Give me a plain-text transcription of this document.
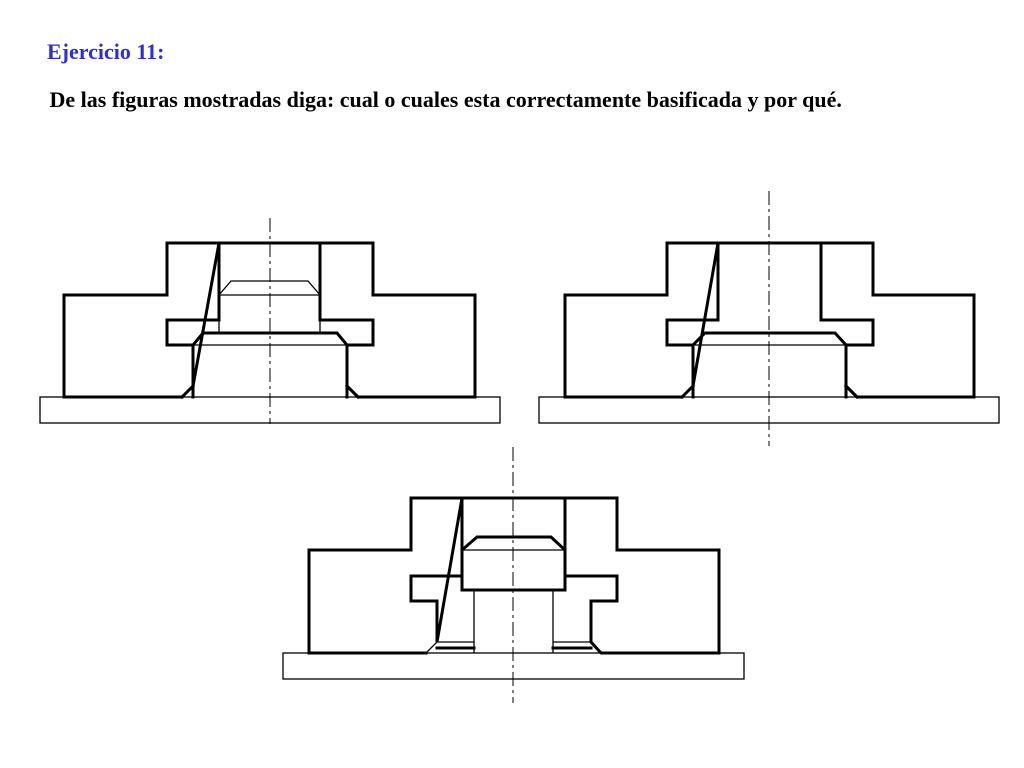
Ejercicio 11:

De las figuras mostradas diga: cual o cuales esta correctamente basificada y por qué.
